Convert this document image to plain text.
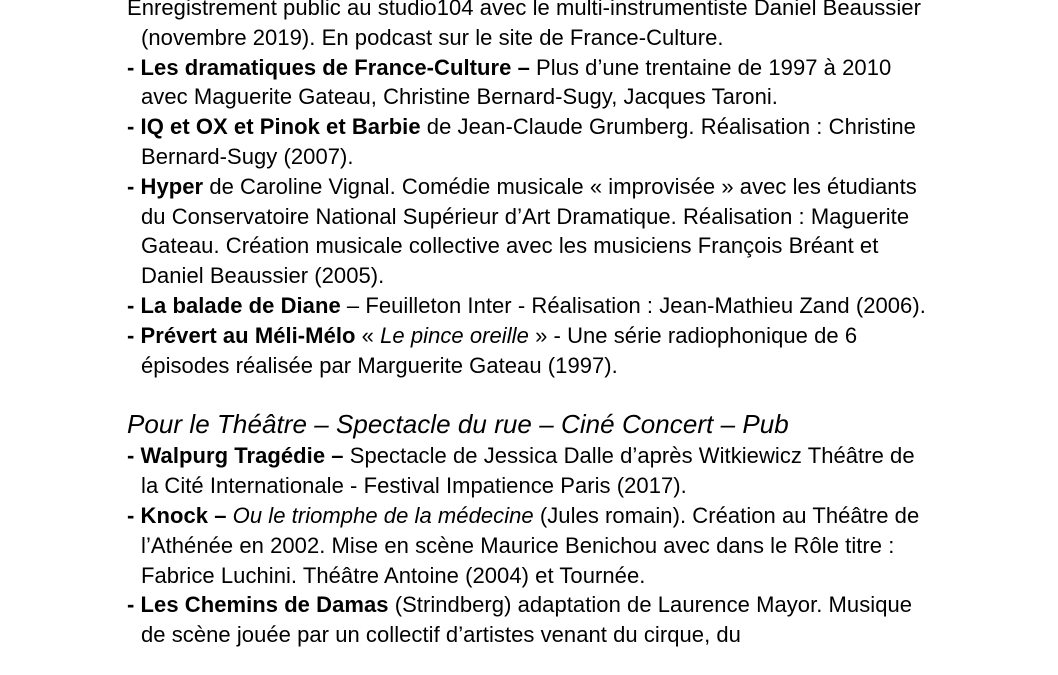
Enregistrement public au studio104 avec le multi-instrumentiste Daniel Beaussier (novembre 2019). En podcast sur le site de France-Culture.
- Les dramatiques de France-Culture – Plus d’une trentaine de 1997 à 2010 avec Maguerite Gateau, Christine Bernard-Sugy, Jacques Taroni.
- IQ et OX et Pinok et Barbie de Jean-Claude Grumberg. Réalisation : Christine Bernard-Sugy (2007).
- Hyper de Caroline Vignal. Comédie musicale « improvisée » avec les étudiants du Conservatoire National Supérieur d’Art Dramatique. Réalisation : Maguerite Gateau. Création musicale collective avec les musiciens François Bréant et Daniel Beaussier (2005).
- La balade de Diane – Feuilleton Inter - Réalisation : Jean-Mathieu Zand (2006).
- Prévert au Méli-Mélo « Le pince oreille » - Une série radiophonique de 6 épisodes réalisée par Marguerite Gateau (1997).

Pour le Théâtre – Spectacle du rue – Ciné Concert – Pub

- Walpurg Tragédie – Spectacle de Jessica Dalle d’après Witkiewicz Théâtre de la Cité Internationale - Festival Impatience Paris (2017).
- Knock – Ou le triomphe de la médecine (Jules romain). Création au Théâtre de l’Athénée en 2002. Mise en scène Maurice Benichou avec dans le Rôle titre : Fabrice Luchini. Théâtre Antoine (2004) et Tournée.
- Les Chemins de Damas (Strindberg) adaptation de Laurence Mayor. Musique de scène jouée par un collectif d’artistes venant du cirque, du
